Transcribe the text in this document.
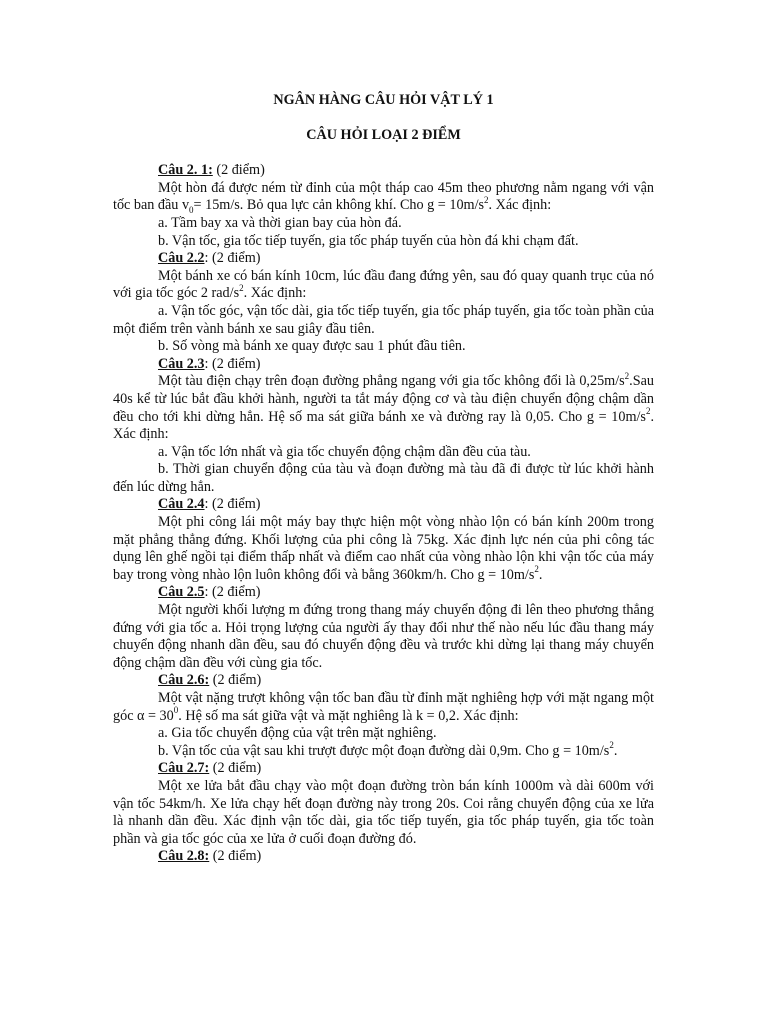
NGÂN HÀNG CÂU HỎI VẬT LÝ 1
CÂU HỎI LOẠI 2 ĐIỂM

Câu 2. 1: (2 điểm)

Một hòn đá được ném từ đỉnh của một tháp cao 45m theo phương nằm ngang với vận tốc ban đầu $v_0= 15m/s$. Bỏ qua lực cản không khí. Cho $g = 10m/s^2$. Xác định:

a. Tầm bay xa và thời gian bay của hòn đá.

b. Vận tốc, gia tốc tiếp tuyến, gia tốc pháp tuyến của hòn đá khi chạm đất.

Câu 2.2: (2 điểm)

Một bánh xe có bán kính 10cm, lúc đầu đang đứng yên, sau đó quay quanh trục của nó với gia tốc góc 2 rad/$s^2$. Xác định:

a. Vận tốc góc, vận tốc dài, gia tốc tiếp tuyến, gia tốc pháp tuyến, gia tốc toàn phần của một điểm trên vành bánh xe sau giây đầu tiên.

b. Số vòng mà bánh xe quay được sau 1 phút đầu tiên.

Câu 2.3: (2 điểm)

Một tàu điện chạy trên đoạn đường phẳng ngang với gia tốc không đổi là $0,25m/s^2.Sau$ 40s kể từ lúc bắt đầu khởi hành, người ta tắt máy động cơ và tàu điện chuyển động chậm dần đều cho tới khi dừng hẳn. Hệ số ma sát giữa bánh xe và đường ray là 0,05. Cho $g = 10m/s^2$. Xác định:

a. Vận tốc lớn nhất và gia tốc chuyển động chậm dần đều của tàu.

b. Thời gian chuyển động của tàu và đoạn đường mà tàu đã đi được từ lúc khởi hành đến lúc dừng hẳn.

Câu 2.4: (2 điểm)

Một phi công lái một máy bay thực hiện một vòng nhào lộn có bán kính 200m trong mặt phẳng thẳng đứng. Khối lượng của phi công là 75kg. Xác định lực nén của phi công tác dụng lên ghế ngồi tại điểm thấp nhất và điểm cao nhất của vòng nhào lộn khi vận tốc của máy bay trong vòng nhào lộn luôn không đổi và bằng 360km/h. Cho $g = 10m/s^2$.

Câu 2.5: (2 điểm)

Một người khối lượng m đứng trong thang máy chuyển động đi lên theo phương thẳng đứng với gia tốc a. Hỏi trọng lượng của người ấy thay đổi như thế nào nếu lúc đầu thang máy chuyển động nhanh dần đều, sau đó chuyển động đều và trước khi dừng lại thang máy chuyển động chậm dần đều với cùng gia tốc.

Câu 2.6: (2 điểm)

Một vật nặng trượt không vận tốc ban đầu từ đỉnh mặt nghiêng hợp với mặt ngang một góc $\alpha = 30^0$. Hệ số ma sát giữa vật và mặt nghiêng là k = 0,2. Xác định:

a. Gia tốc chuyển động của vật trên mặt nghiêng.

b. Vận tốc của vật sau khi trượt được một đoạn đường dài 0,9m. Cho $g = 10m/s^2$.

Câu 2.7: (2 điểm)

Một xe lửa bắt đầu chạy vào một đoạn đường tròn bán kính 1000m và dài 600m với vận tốc 54km/h. Xe lửa chạy hết đoạn đường này trong 20s. Coi rằng chuyển động của xe lửa là nhanh dần đều. Xác định vận tốc dài, gia tốc tiếp tuyến, gia tốc pháp tuyến, gia tốc toàn phần và gia tốc góc của xe lửa ở cuối đoạn đường đó.

Câu 2.8: (2 điểm)
